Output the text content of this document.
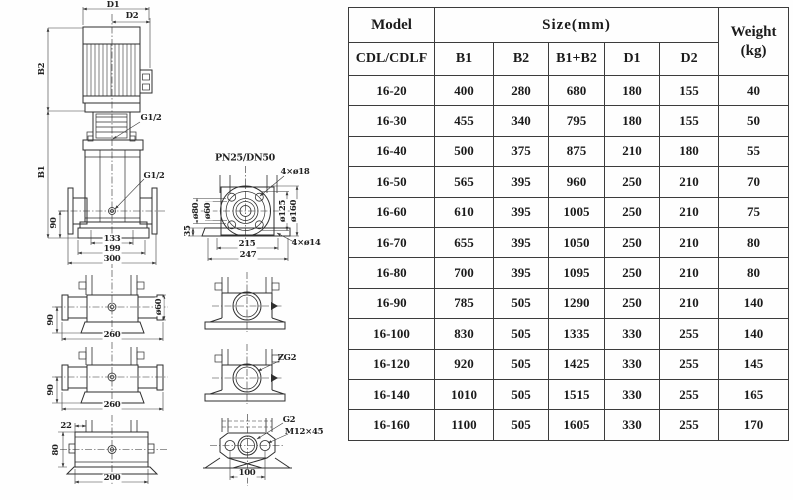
D1
D2
B2
B1
90
G1/2
G1/2
133
199
300
PN25/DN50
4×ø18
ø80 ø60	ø125 ø160
35
215
247
4×ø14
90
260
ø60
90
260
22
80
200
ZG2
G2
M12×45
100
Model	Size(mm)					Weight
(kg)

CDL/CDLF	B1	B2	B1+B2	D1	D2	
16-20	400	280	680	180	155	40
16-30	455	340	795	180	155	50
16-40	500	375	875	210	180	55
16-50	565	395	960	250	210	70
16-60	610	395	1005	250	210	75
16-70	655	395	1050	250	210	80
16-80	700	395	1095	250	210	80
16-90	785	505	1290	250	210	140
16-100	830	505	1335	330	255	140
16-120	920	505	1425	330	255	145
16-140	1010	505	1515	330	255	165
16-160	1100	505	1605	330	255	170
